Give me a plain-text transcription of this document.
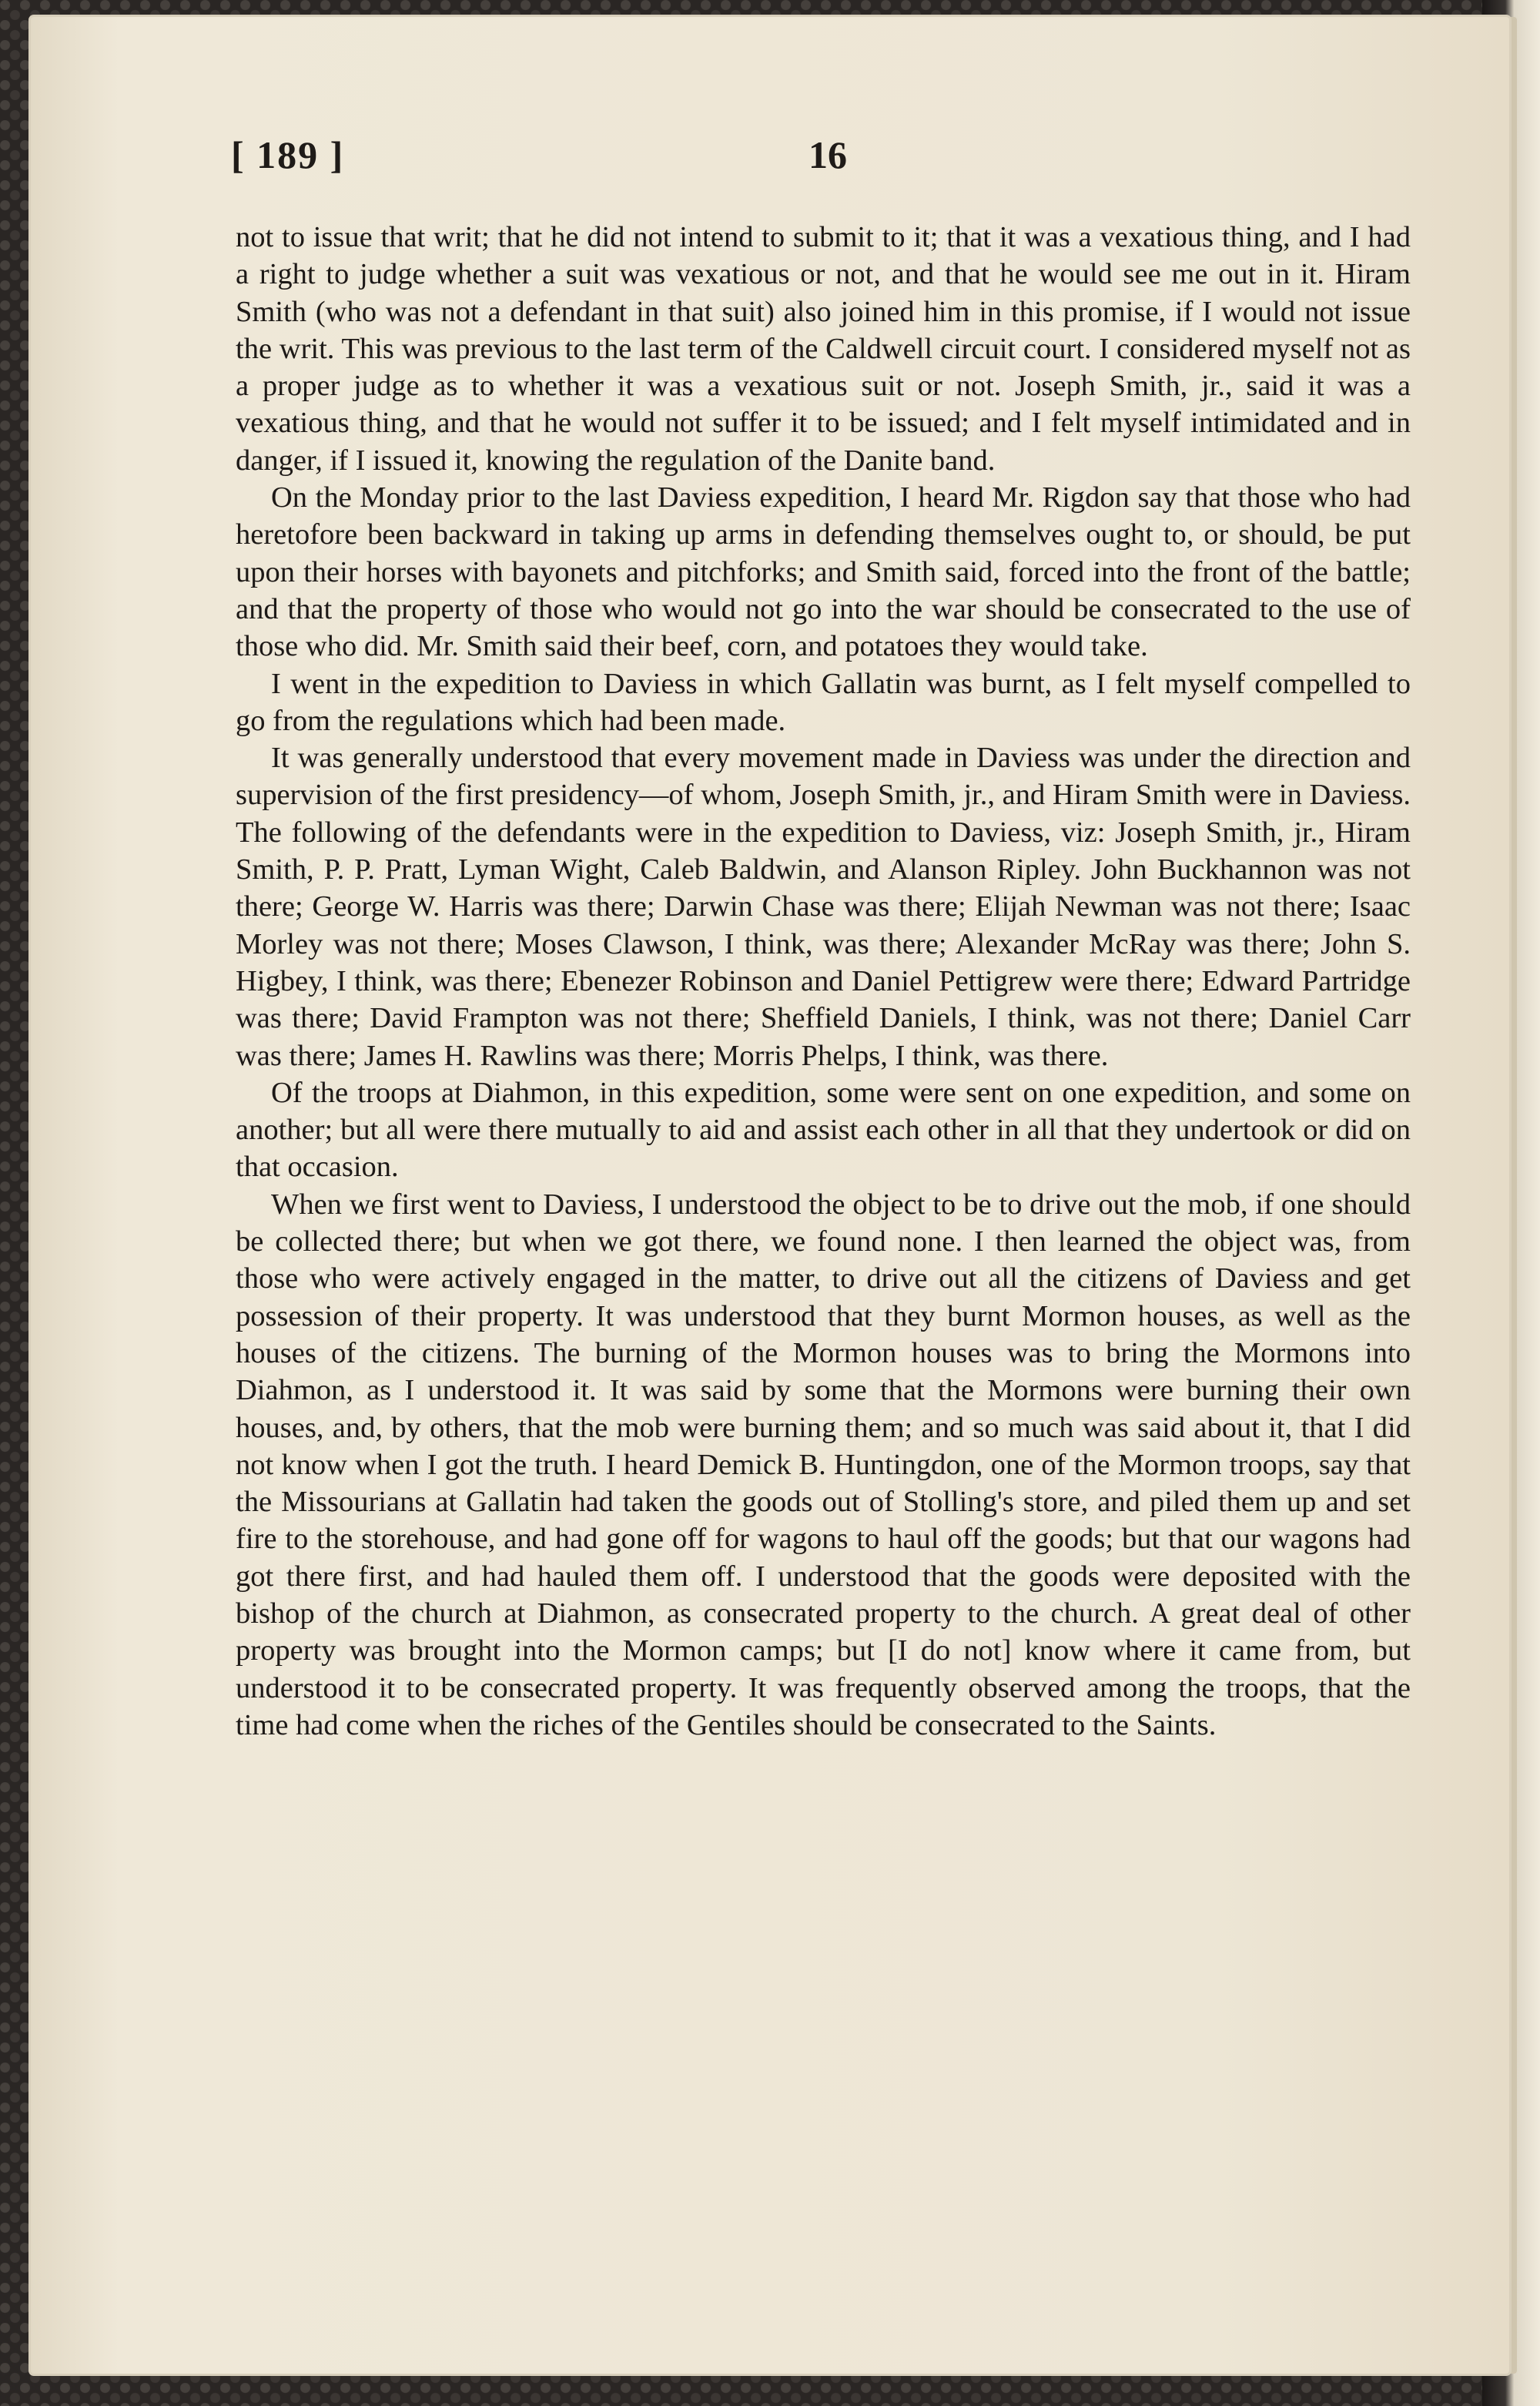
[ 189 ]	16

not to issue that writ; that he did not intend to submit to it; that it was a vexatious thing, and I had a right to judge whether a suit was vexatious or not, and that he would see me out in it. Hiram Smith (who was not a defendant in that suit) also joined him in this promise, if I would not issue the writ. This was previous to the last term of the Caldwell circuit court. I considered myself not as a proper judge as to whether it was a vexatious suit or not. Joseph Smith, jr., said it was a vexatious thing, and that he would not suffer it to be issued; and I felt myself intimidated and in danger, if I issued it, knowing the regulation of the Danite band.

On the Monday prior to the last Daviess expedition, I heard Mr. Rigdon say that those who had heretofore been backward in taking up arms in defending themselves ought to, or should, be put upon their horses with bayonets and pitchforks; and Smith said, forced into the front of the battle; and that the property of those who would not go into the war should be consecrated to the use of those who did. Mr. Smith said their beef, corn, and potatoes they would take.

I went in the expedition to Daviess in which Gallatin was burnt, as I felt myself compelled to go from the regulations which had been made.

It was generally understood that every movement made in Daviess was under the direction and supervision of the first presidency—of whom, Joseph Smith, jr., and Hiram Smith were in Daviess. The following of the defendants were in the expedition to Daviess, viz: Joseph Smith, jr., Hiram Smith, P. P. Pratt, Lyman Wight, Caleb Baldwin, and Alanson Ripley. John Buckhannon was not there; George W. Harris was there; Darwin Chase was there; Elijah Newman was not there; Isaac Morley was not there; Moses Clawson, I think, was there; Alexander McRay was there; John S. Higbey, I think, was there; Ebenezer Robinson and Daniel Pettigrew were there; Edward Partridge was there; David Frampton was not there; Sheffield Daniels, I think, was not there; Daniel Carr was there; James H. Rawlins was there; Morris Phelps, I think, was there.

Of the troops at Diahmon, in this expedition, some were sent on one expedition, and some on another; but all were there mutually to aid and assist each other in all that they undertook or did on that occasion.

When we first went to Daviess, I understood the object to be to drive out the mob, if one should be collected there; but when we got there, we found none. I then learned the object was, from those who were actively engaged in the matter, to drive out all the citizens of Daviess and get possession of their property. It was understood that they burnt Mormon houses, as well as the houses of the citizens. The burning of the Mormon houses was to bring the Mormons into Diahmon, as I understood it. It was said by some that the Mormons were burning their own houses, and, by others, that the mob were burning them; and so much was said about it, that I did not know when I got the truth. I heard Demick B. Huntingdon, one of the Mormon troops, say that the Missourians at Gallatin had taken the goods out of Stolling's store, and piled them up and set fire to the storehouse, and had gone off for wagons to haul off the goods; but that our wagons had got there first, and had hauled them off. I understood that the goods were deposited with the bishop of the church at Diahmon, as consecrated property to the church. A great deal of other property was brought into the Mormon camps; but [I do not] know where it came from, but understood it to be consecrated property. It was frequently observed among the troops, that the time had come when the riches of the Gentiles should be consecrated to the Saints.
